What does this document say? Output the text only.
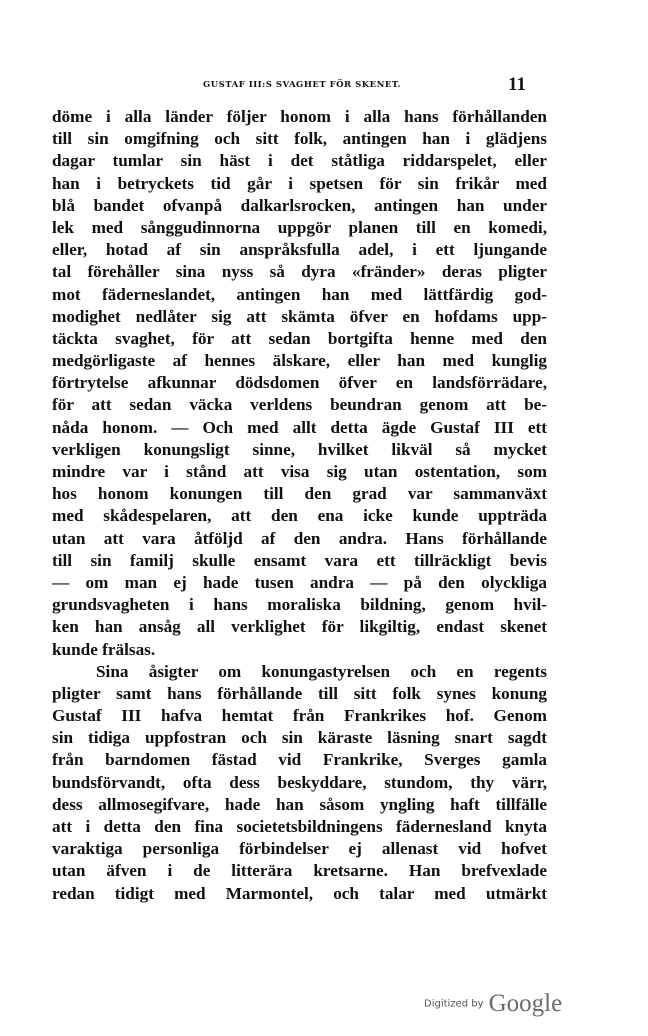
GUSTAF III:S SVAGHET FÖR SKENET.	11
döme i alla länder följer honom i alla hans förhållanden
till sin omgifning och sitt folk, antingen han i glädjens
dagar tumlar sin häst i det ståtliga riddarspelet, eller
han i betryckets tid går i spetsen för sin frikår med
blå bandet ofvanpå dalkarlsrocken, antingen han under
lek med sånggudinnorna uppgör planen till en komedi,
eller, hotad af sin anspråksfulla adel, i ett ljungande
tal förehåller sina nyss så dyra «fränder» deras pligter
mot fäderneslandet, antingen han med lättfärdig god-
modighet nedlåter sig att skämta öfver en hofdams upp-
täckta svaghet, för att sedan bortgifta henne med den
medgörligaste af hennes älskare, eller han med kunglig
förtrytelse afkunnar dödsdomen öfver en landsförrädare,
för att sedan väcka verldens beundran genom att be-
nåda honom. — Och med allt detta ägde Gustaf III ett
verkligen konungsligt sinne, hvilket likväl så mycket
mindre var i stånd att visa sig utan ostentation, som
hos honom konungen till den grad var sammanväxt
med skådespelaren, att den ena icke kunde uppträda
utan att vara åtföljd af den andra. Hans förhållande
till sin familj skulle ensamt vara ett tillräckligt bevis
— om man ej hade tusen andra — på den olyckliga
grundsvagheten i hans moraliska bildning, genom hvil-
ken han ansåg all verklighet för likgiltig, endast skenet
kunde frälsas.
Sina åsigter om konungastyrelsen och en regents
pligter samt hans förhållande till sitt folk synes konung
Gustaf III hafva hemtat från Frankrikes hof. Genom
sin tidiga uppfostran och sin käraste läsning snart sagdt
från barndomen fästad vid Frankrike, Sverges gamla
bundsförvandt, ofta dess beskyddare, stundom, thy värr,
dess allmosegifvare, hade han såsom yngling haft tillfälle
att i detta den fina societetsbildningens fädernesland knyta
varaktiga personliga förbindelser ej allenast vid hofvet
utan äfven i de litterära kretsarne. Han brefvexlade
redan tidigt med Marmontel, och talar med utmärkt
Digitized by Google
